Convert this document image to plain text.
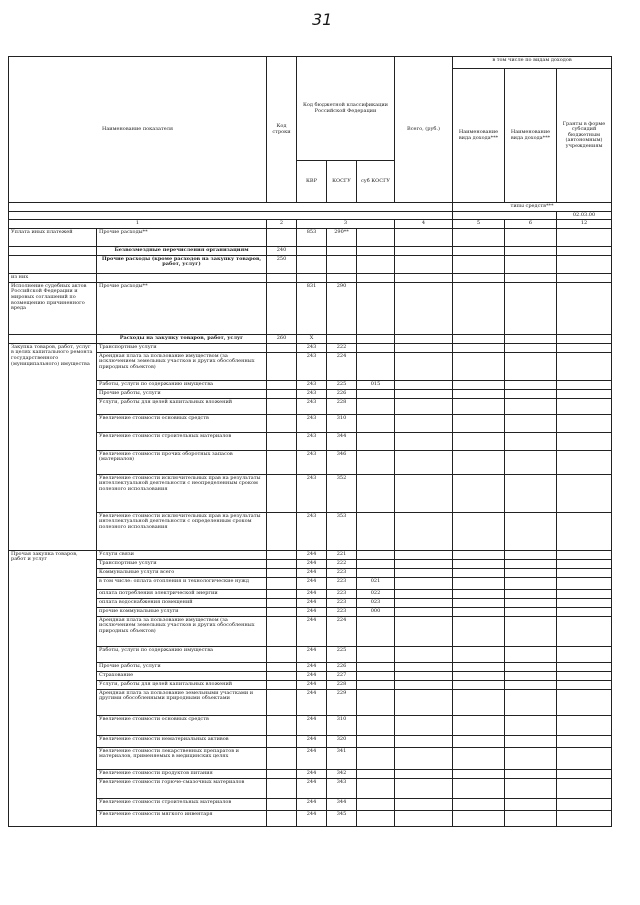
31
Наименование показателя		Код строки	Код бюджетной классификации Российской Федерации			Всего, (руб.)	в том числе по видам доходов		
							Наименование вида дохода***	Наименование вида дохода***	Гранты в форме субсидий бюджетным (автономным) учреждениям
			КВР	КОСГУ	суб КОСГУ				
							типы средств***		
									02.03.00
1		2	3			4	5	6	12
Уплата иных платежей	Прочие расходы**		853	290**					
	Безвозмездные перечисления организациям	240							
	Прочие расходы (кроме расходов на закупку товаров, работ, услуг)	250							
из них									
Исполнение судебных актов Российской Федерации и мировых соглашений по возмещению причиненного вреда	Прочие расходы**		831	290					
	Расходы на закупку товаров, работ, услуг	260	X						
Закупка товаров, работ, услуг в целях капитального ремонта государственного (муниципального) имущества	Транспортные услуги		243	222					
	Арендная плата за пользование имуществом (за исключением земельных участков и других обособленных природных объектов)		243	224					
	Работы, услуги по содержанию имущества		243	225	015				
	Прочие работы, услуги		243	226					
	Услуги, работы для целей капитальных вложений		243	228					
	Увеличение стоимости основных средств		243	310					
	Увеличение стоимости строительных материалов		243	344					
	Увеличение стоимости прочих оборотных запасов (материалов)		243	346					
	Увеличение стоимости исключительных прав на результаты интеллектуальной деятельности с неопределенным сроком полезного использования		243	352					
	Увеличение стоимости исключительных прав на результаты интеллектуальной деятельности с определенным сроком полезного использования		243	353					
Прочая закупка товаров, работ и услуг	Услуги связи		244	221					
	Транспортные услуги		244	222					
	Коммунальные услуги всего		244	223					
	в том числе: оплата отопления и технологические нужд		244	223	021				
	оплата потребления электрической энергии		244	223	022				
	оплата водоснабжения помещений		244	223	023				
	прочие коммунальные услуги		244	223	000				
	Арендная плата за пользование имуществом (за исключением земельных участков и других обособленных природных объектов)		244	224					
	Работы, услуги по содержанию имущества		244	225					
	Прочие работы, услуги		244	226					
	Страхование		244	227					
	Услуги, работы для целей капитальных вложений		244	228					
	Арендная плата за пользование земельными участками и другими обособленными природными объектами		244	229					
	Увеличение стоимости основных средств		244	310					
	Увеличение стоимости нематериальных активов		244	320					
	Увеличение стоимости лекарственных препаратов и материалов, применяемых в медицинских целях		244	341					
	Увеличение стоимости продуктов питания		244	342					
	Увеличение стоимости горюче-смазочных материалов		244	343					
	Увеличение стоимости строительных материалов		244	344					
	Увеличение стоимости мягкого инвентаря		244	345					
